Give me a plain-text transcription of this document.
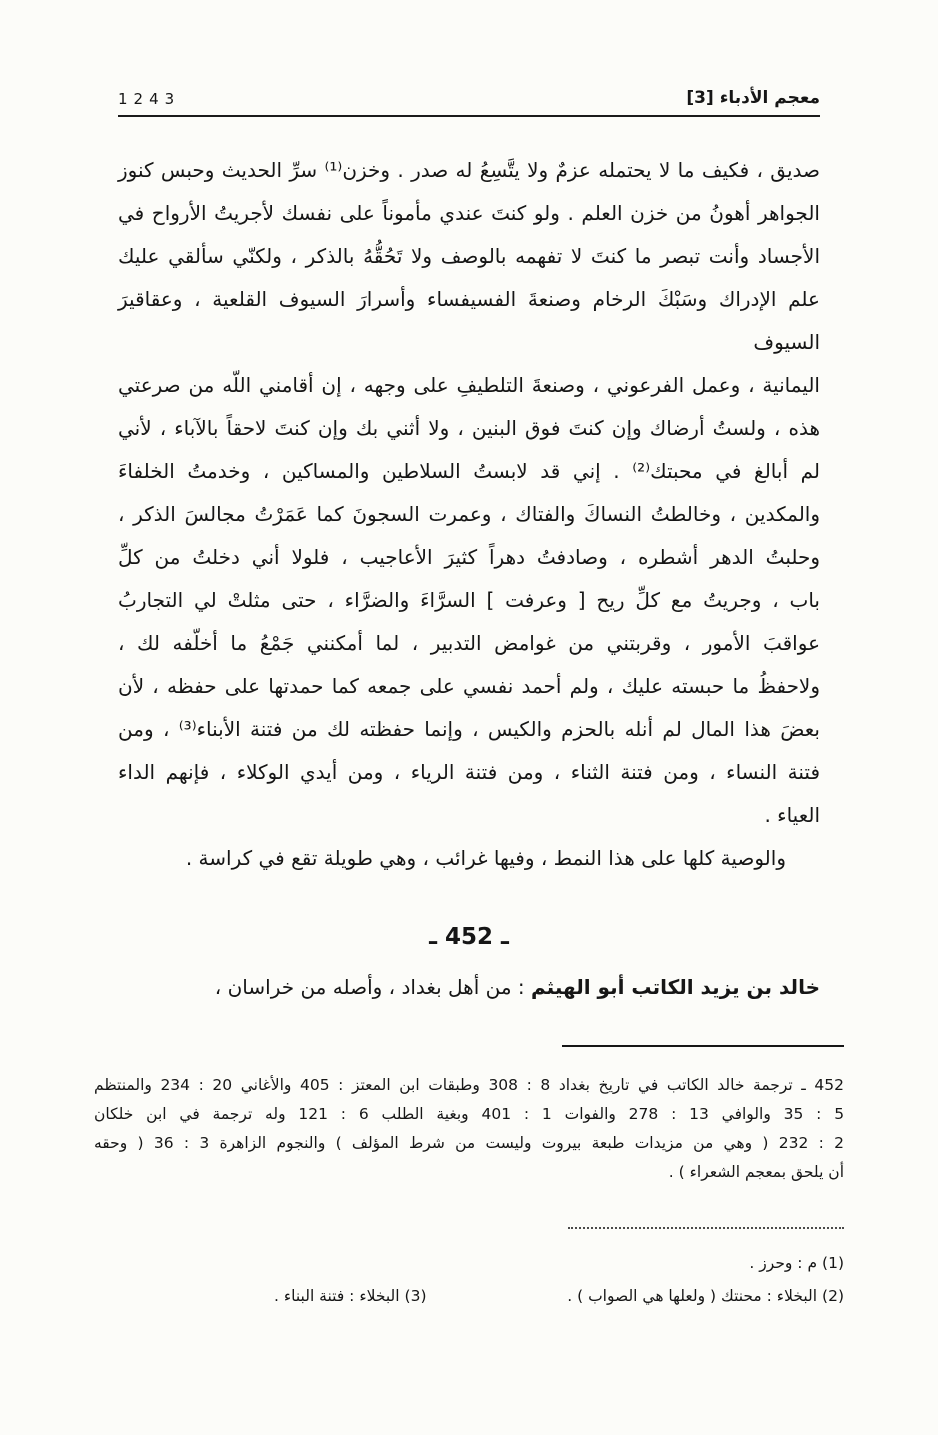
معجم الأدباء [3]
1243
صديق ، فكيف ما لا يحتمله عزمٌ ولا يتَّسِعُ له صدر . وخزن⁽¹⁾ سرِّ الحديث وحبس كنوز
الجواهر أهونُ من خزن العلم . ولو كنتَ عندي مأموناً على نفسك لأجريتُ الأرواح في
الأجساد وأنت تبصر ما كنتَ لا تفهمه بالوصف ولا تَحُقُّهُ بالذكر ، ولكنّي سألقي عليك
علم الإدراك وسَبْكَ الرخام وصنعةَ الفسيفساء وأسرارَ السيوف القلعية ، وعقاقيرَ السيوف
اليمانية ، وعمل الفرعوني ، وصنعةَ التلطيفِ على وجهه ، إن أقامني اللّه من صرعتي
هذه ، ولستُ أرضاك وإن كنتَ فوق البنين ، ولا أثني بك وإن كنتَ لاحقاً بالآباء ، لأني
لم أبالغ في محبتك⁽²⁾ . إني قد لابستُ السلاطين والمساكين ، وخدمتُ الخلفاءَ
والمكدين ، وخالطتُ النساكَ والفتاك ، وعمرت السجونَ كما عَمَرْتُ مجالسَ الذكر ،
وحلبتُ الدهر أشطره ، وصادفتُ دهراً كثيرَ الأعاجيب ، فلولا أني دخلتُ من كلِّ
باب ، وجريتُ مع كلِّ ريح [ وعرفت ] السرَّاءَ والضرَّاء ، حتى مثلتْ لي التجاربُ
عواقبَ الأمور ، وقربتني من غوامض التدبير ، لما أمكنني جَمْعُ ما أخلّفه لك ،
ولاحفظُ ما حبسته عليك ، ولم أحمد نفسي على جمعه كما حمدتها على حفظه ، لأن
بعضَ هذا المال لم أنله بالحزم والكيس ، وإنما حفظته لك من فتنة الأبناء⁽³⁾ ، ومن
فتنة النساء ، ومن فتنة الثناء ، ومن فتنة الرياء ، ومن أيدي الوكلاء ، فإنهم الداء
العياء .

والوصية كلها على هذا النمط ، وفيها غرائب ، وهي طويلة تقع في كراسة .

ـ 452 ـ

خالد بن يزيد الكاتب أبو الهيثم : من أهل بغداد ، وأصله من خراسان ،

452 ـ ترجمة خالد الكاتب في تاريخ بغداد 8 : 308 وطبقات ابن المعتز : 405 والأغاني 20 : 234 والمنتظم
5 : 35 والوافي 13 : 278 والفوات 1 : 401 وبغية الطلب 6 : 121 وله ترجمة في ابن خلكان
2 : 232 ( وهي من مزيدات طبعة بيروت وليست من شرط المؤلف ) والنجوم الزاهرة 3 : 36 ( وحقه
أن يلحق بمعجم الشعراء ) .
(1) م : وحرز .
(2) البخلاء : محنتك ( ولعلها هي الصواب ) .
(3) البخلاء : فتنة البناء .
